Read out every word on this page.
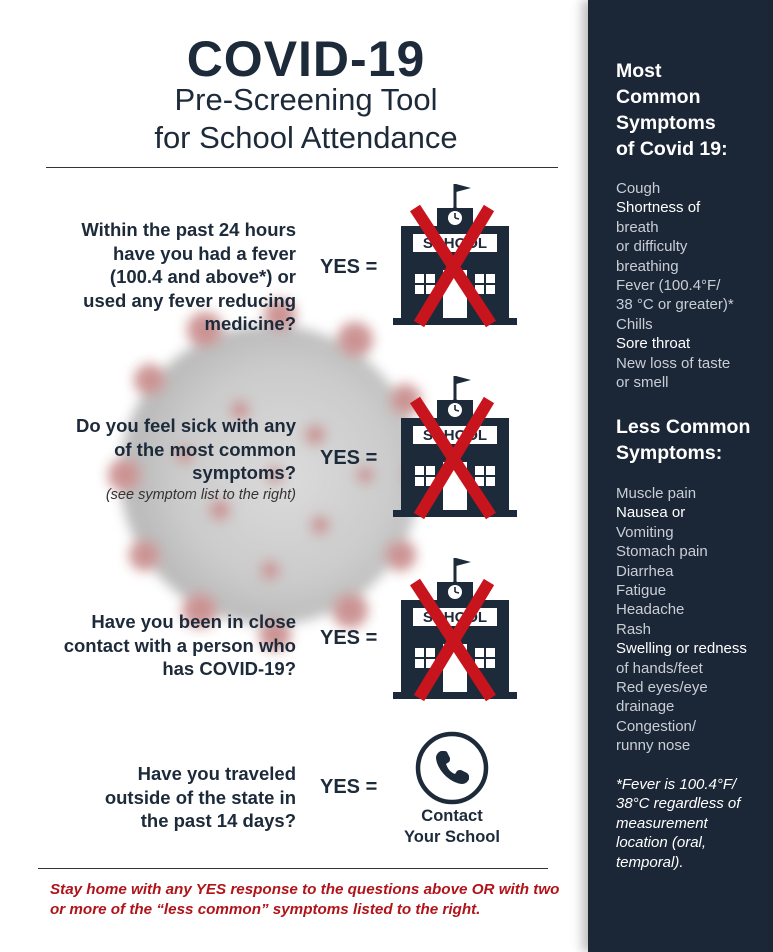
COVID-19
Pre-Screening Tool
for School Attendance
Within the past 24 hours
have you had a fever
(100.4 and above*) or
used any fever reducing
medicine?
YES =
Do you feel sick with any
of the most common
symptoms?
(see symptom list to the right)
YES =
Have you been in close
contact with a person who
has COVID-19?
YES =
Have you traveled
outside of the state in
the past 14 days?
YES =
Contact
Your School
Stay home with any YES response to the questions above OR with two or more of the “less common” symptoms listed to the right.
Most
Common
Symptoms
of Covid 19:
Cough
Shortness of
breath
or difficulty
breathing
Fever (100.4°F/
38 °C or greater)*
Chills
Sore throat
New loss of taste
or smell
Less Common
Symptoms:
Muscle pain
Nausea or
Vomiting
Stomach pain
Diarrhea
Fatigue
Headache
Rash
Swelling or redness
of hands/feet
Red eyes/eye
drainage
Congestion/
runny nose
*Fever is 100.4°F/
38°C regardless of
measurement
location (oral,
temporal).
